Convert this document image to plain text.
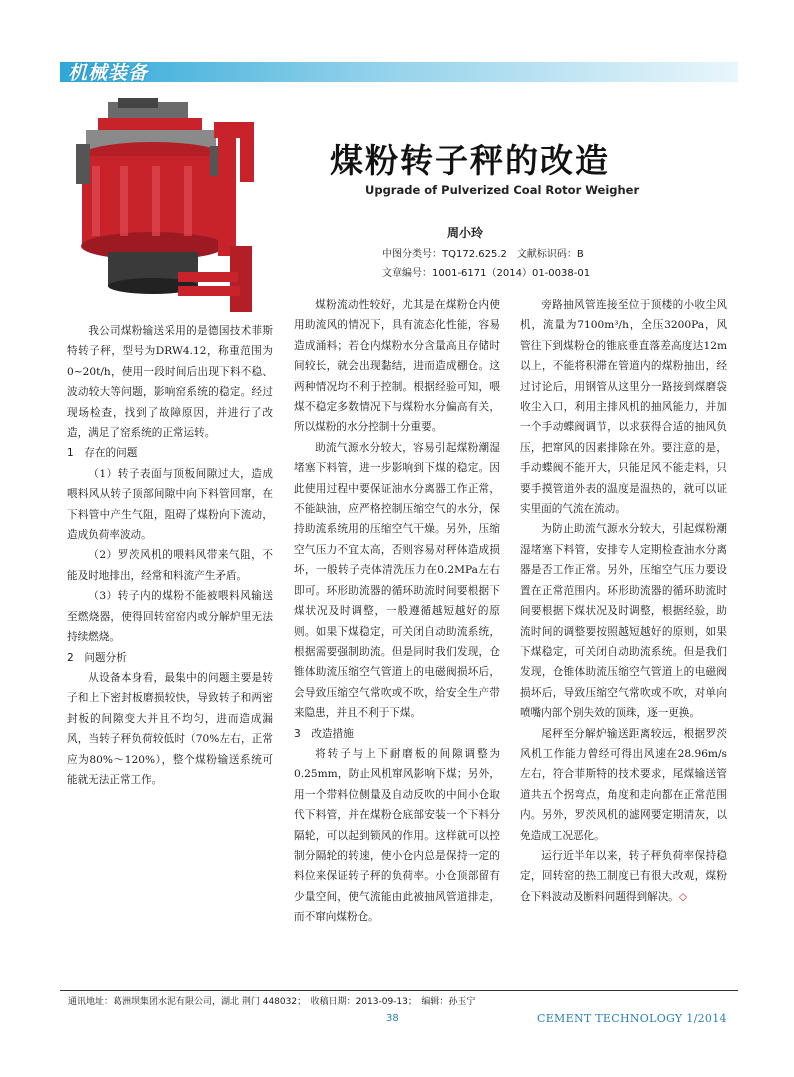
机械装备
煤粉转子秤的改造
Upgrade of Pulverized Coal Rotor Weigher
周小玲
中图分类号：TQ172.625.2　文献标识码：B
文章编号：1001-6171（2014）01-0038-01

我公司煤粉输送采用的是德国技术菲斯特转子秤，型号为DRW4.12，称重范围为0~20t/h，使用一段时间后出现下料不稳、波动较大等问题，影响窑系统的稳定。经过现场检查，找到了故障原因，并进行了改造，满足了窑系统的正常运转。

1　存在的问题

（1）转子表面与顶板间隙过大，造成喂料风从转子顶部间隙中向下料管回窜，在下料管中产生气阻，阻碍了煤粉向下流动，造成负荷率波动。

（2）罗茨风机的喂料风带来气阻，不能及时地排出，经常和料流产生矛盾。

（3）转子内的煤粉不能被喂料风输送至燃烧器，使得回转窑窑内或分解炉里无法持续燃烧。

2　问题分析

从设备本身看，最集中的问题主要是转子和上下密封板磨损较快，导致转子和两密封板的间隙变大并且不均匀，进而造成漏风，当转子秤负荷较低时（70%左右，正常应为80%～120%），整个煤粉输送系统可能就无法正常工作。

煤粉流动性较好，尤其是在煤粉仓内使用助流风的情况下，具有流态化性能，容易造成涌料；若仓内煤粉水分含量高且存储时间较长，就会出现黏结，进而造成棚仓。这两种情况均不利于控制。根据经验可知，喂煤不稳定多数情况下与煤粉水分偏高有关，所以煤粉的水分控制十分重要。

助流气源水分较大，容易引起煤粉潮湿堵塞下料管，进一步影响到下煤的稳定。因此使用过程中要保证油水分离器工作正常，不能缺油，应严格控制压缩空气的水分，保持助流系统用的压缩空气干燥。另外，压缩空气压力不宜太高，否则容易对秤体造成损坏，一般转子壳体清洗压力在0.2MPa左右即可。环形助流器的循环助流时间要根据下煤状况及时调整，一般遵循越短越好的原则。如果下煤稳定，可关闭自动助流系统，根据需要强制助流。但是同时我们发现，仓锥体助流压缩空气管道上的电磁阀损坏后，会导致压缩空气常吹或不吹，给安全生产带来隐患，并且不利于下煤。

3　改造措施

将转子与上下耐磨板的间隙调整为0.25mm，防止风机窜风影响下煤；另外，用一个带料位侧量及自动反吹的中间小仓取代下料管，并在煤粉仓底部安装一个下料分隔轮，可以起到锁风的作用。这样就可以控制分隔轮的转速，使小仓内总是保持一定的料位来保证转子秤的负荷率。小仓顶部留有少量空间，使气流能由此被抽风管道排走，而不窜向煤粉仓。

旁路抽风管连接至位于顶楼的小收尘风机，流量为7100m³/h，全压3200Pa，风管往下到煤粉仓的锥底垂直落差高度达12m以上，不能将积滞在管道内的煤粉抽出，经过讨论后，用钢管从这里分一路接到煤磨袋收尘入口，利用主排风机的抽风能力，并加一个手动蝶阀调节，以求获得合适的抽风负压，把窜风的因素排除在外。要注意的是，手动蝶阀不能开大，只能足风不能走料，只要手摸管道外表的温度是温热的，就可以证实里面的气流在流动。

为防止助流气源水分较大，引起煤粉潮湿堵塞下料管，安排专人定期检查油水分离器是否工作正常。另外，压缩空气压力要设置在正常范围内。环形助流器的循环助流时间要根据下煤状况及时调整，根据经验，助流时间的调整要按照越短越好的原则，如果下煤稳定，可关闭自动助流系统。但是我们发现，仓锥体助流压缩空气管道上的电磁阀损坏后，导致压缩空气常吹或不吹，对单向喷嘴内部个别失效的顶珠，逐一更换。

尾秤至分解炉输送距离较远，根据罗茨风机工作能力曾经可得出风速在28.96m/s左右，符合菲斯特的技术要求，尾煤输送管道共五个拐弯点，角度和走向都在正常范围内。另外，罗茨风机的滤网要定期清灰，以免造成工况恶化。

运行近半年以来，转子秤负荷率保持稳定，回转窑的热工制度已有很大改观，煤粉仓下料波动及断料问题得到解决。◇

通讯地址：葛洲坝集团水泥有限公司，湖北 荆门 448032；　收稿日期：2013-09-13；　编辑：孙玉宁
38	CEMENT TECHNOLOGY 1/2014
